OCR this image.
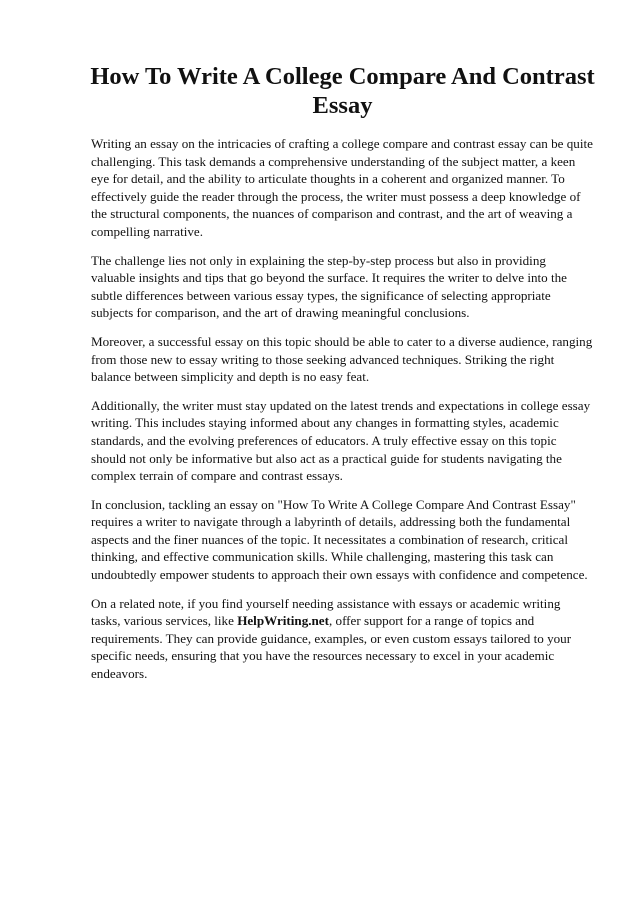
How To Write A College Compare And Contrast Essay

Writing an essay on the intricacies of crafting a college compare and contrast essay can be quite challenging. This task demands a comprehensive understanding of the subject matter, a keen eye for detail, and the ability to articulate thoughts in a coherent and organized manner. To effectively guide the reader through the process, the writer must possess a deep knowledge of the structural components, the nuances of comparison and contrast, and the art of weaving a compelling narrative.

The challenge lies not only in explaining the step-by-step process but also in providing valuable insights and tips that go beyond the surface. It requires the writer to delve into the subtle differences between various essay types, the significance of selecting appropriate subjects for comparison, and the art of drawing meaningful conclusions.

Moreover, a successful essay on this topic should be able to cater to a diverse audience, ranging from those new to essay writing to those seeking advanced techniques. Striking the right balance between simplicity and depth is no easy feat.

Additionally, the writer must stay updated on the latest trends and expectations in college essay writing. This includes staying informed about any changes in formatting styles, academic standards, and the evolving preferences of educators. A truly effective essay on this topic should not only be informative but also act as a practical guide for students navigating the complex terrain of compare and contrast essays.

In conclusion, tackling an essay on "How To Write A College Compare And Contrast Essay" requires a writer to navigate through a labyrinth of details, addressing both the fundamental aspects and the finer nuances of the topic. It necessitates a combination of research, critical thinking, and effective communication skills. While challenging, mastering this task can undoubtedly empower students to approach their own essays with confidence and competence.

On a related note, if you find yourself needing assistance with essays or academic writing tasks, various services, like HelpWriting.net, offer support for a range of topics and requirements. They can provide guidance, examples, or even custom essays tailored to your specific needs, ensuring that you have the resources necessary to excel in your academic endeavors.
